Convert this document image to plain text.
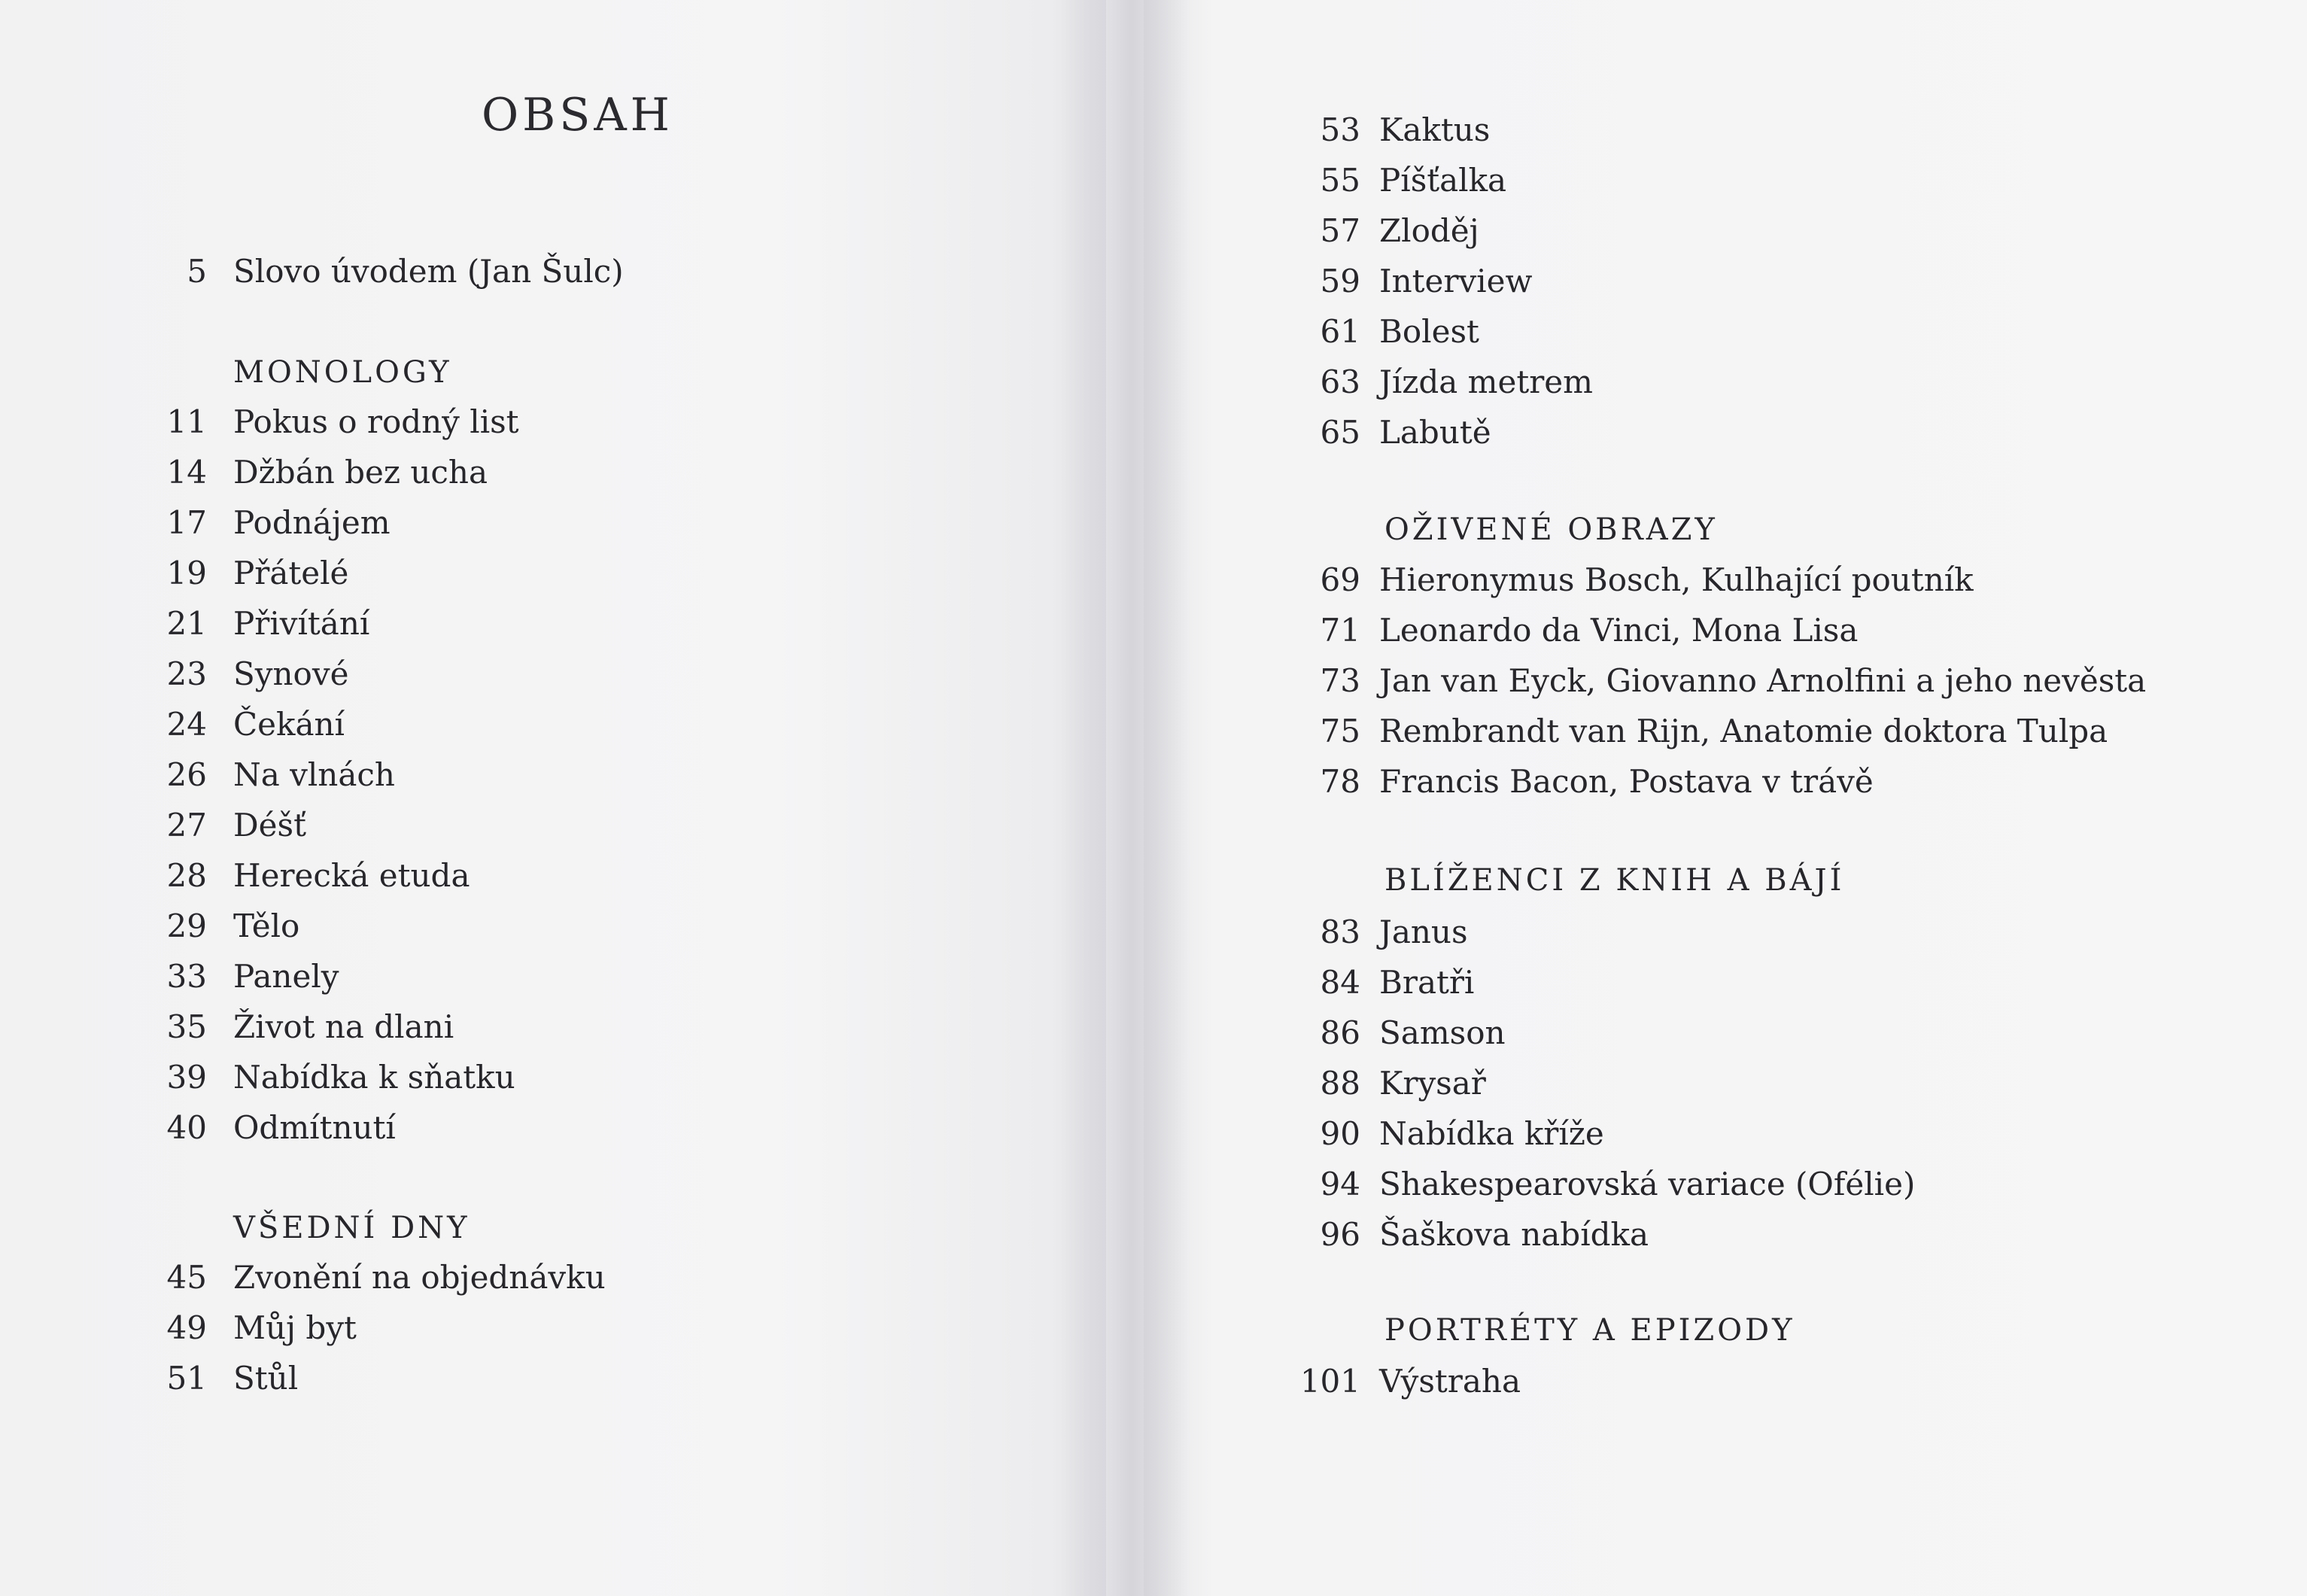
OBSAH
5 Slovo úvodem (Jan Šulc)
MONOLOGY
11 Pokus o rodný list
14 Džbán bez ucha
17 Podnájem
19 Přátelé
21 Přivítání
23 Synové
24 Čekání
26 Na vlnách
27 Déšť
28 Herecká etuda
29 Tělo
33 Panely
35 Život na dlani
39 Nabídka k sňatku
40 Odmítnutí
VŠEDNÍ DNY
45 Zvonění na objednávku
49 Můj byt
51 Stůl
53 Kaktus
55 Píšťalka
57 Zloděj
59 Interview
61 Bolest
63 Jízda metrem
65 Labutě
OŽIVENÉ OBRAZY
69 Hieronymus Bosch, Kulhající poutník
71 Leonardo da Vinci, Mona Lisa
73 Jan van Eyck, Giovanno Arnolfini a jeho nevěsta
75 Rembrandt van Rijn, Anatomie doktora Tulpa
78 Francis Bacon, Postava v trávě
BLÍŽENCI Z KNIH A BÁJÍ
83 Janus
84 Bratři
86 Samson
88 Krysař
90 Nabídka kříže
94 Shakespearovská variace (Ofélie)
96 Šaškova nabídka
PORTRÉTY A EPIZODY
101 Výstraha
